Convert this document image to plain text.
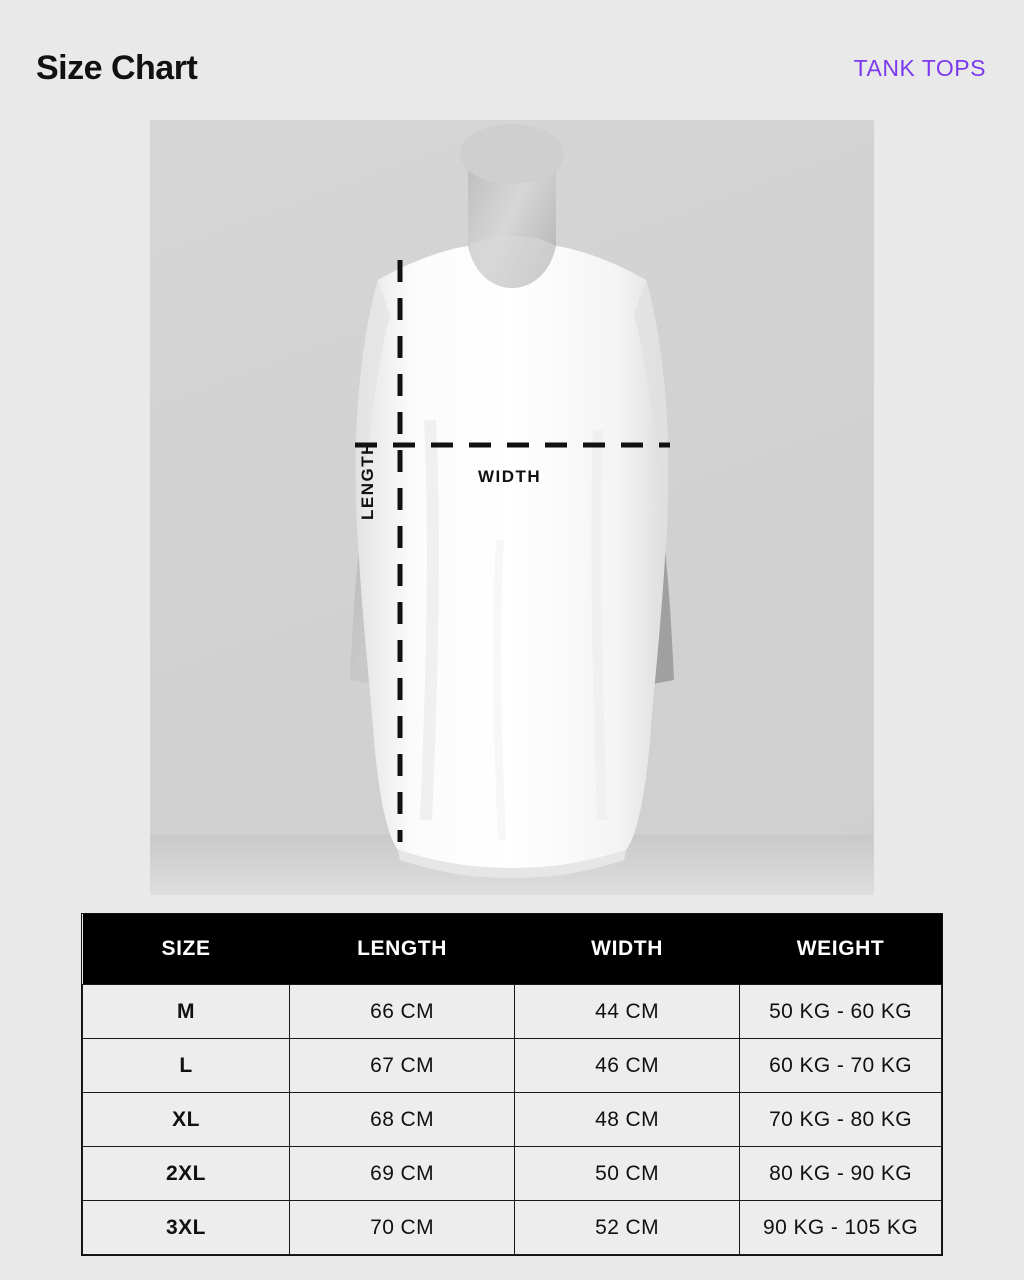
Size Chart	TANK TOPS
WIDTH
LENGTH
SIZE	LENGTH	WIDTH	WEIGHT
M	66 CM	44 CM	50 KG - 60 KG
L	67 CM	46 CM	60 KG - 70 KG
XL	68 CM	48 CM	70 KG - 80 KG
2XL	69 CM	50 CM	80 KG - 90 KG
3XL	70 CM	52 CM	90 KG - 105 KG
